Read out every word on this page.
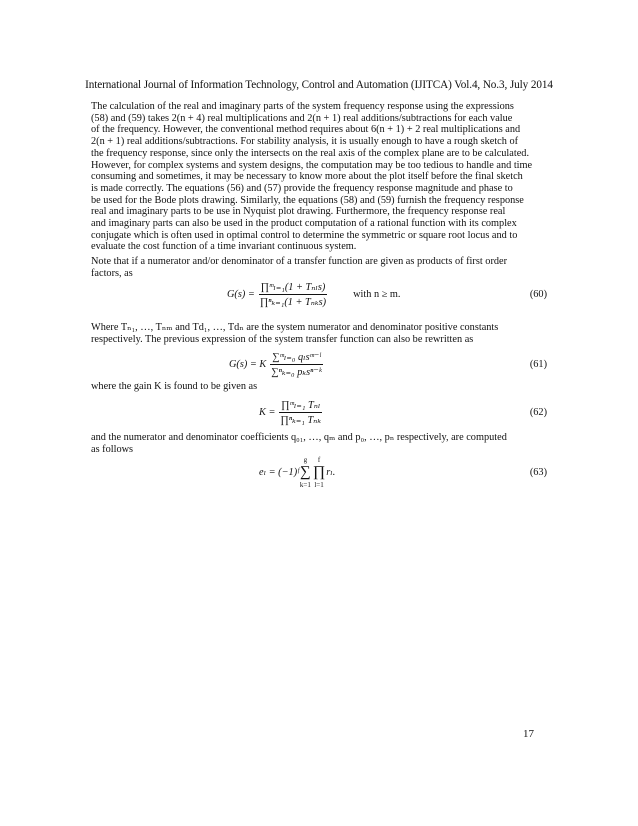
International Journal of Information Technology, Control and Automation (IJITCA) Vol.4, No.3, July 2014
The calculation of the real and imaginary parts of the system frequency response using the expressions
(58) and (59) takes 2(n + 4) real multiplications and 2(n + 1) real additions/subtractions for each value
of the frequency. However, the conventional method requires about 6(n + 1) + 2 real multiplications and
2(n + 1) real additions/subtractions. For stability analysis, it is usually enough to have a rough sketch of
the frequency response, since only the intersects on the real axis of the complex plane are to be calculated.
However, for complex systems and system designs, the computation may be too tedious to handle and time
consuming and sometimes, it may be necessary to know more about the plot itself before the final sketch
is made correctly. The equations (56) and (57) provide the frequency response magnitude and phase to
be used for the Bode plots drawing. Similarly, the equations (58) and (59) furnish the frequency response
real and imaginary parts to be use in Nyquist plot drawing. Furthermore, the frequency response real
and imaginary parts can also be used in the product computation of a rational function with its complex
conjugate which is often used in optimal control to determine the symmetric or square root locus and to
evaluate the cost function of a time invariant continuous system.
Note that if a numerator and/or denominator of a transfer function are given as products of first order
factors, as
$G(s) = \frac{\text{∏ᵐₗ₌₁(1 + Tₙₗs)}}{\text{∏ⁿₖ₌₁(1 + Tₙₖs)}}$ with n ≥ m.	(60)
Where Tₙ₁, …, Tₙₘ and Td₁, …, Tdₙ are the system numerator and denominator positive constants
respectively. The previous expression of the system transfer function can also be rewritten as
G(s) = K $\frac{\text{∑ᵐₗ₌₀ qₗsᵐ⁻ˡ}}{\text{∑ⁿₖ₌₀ pₖsⁿ⁻ᵏ}}$	(61)
where the gain K is found to be given as
$K = \frac{\text{∏ᵐₗ₌₁ Tₙₗ}}{\text{∏ⁿₖ₌₁ Tₙₖ}}$	(62)
and the numerator and denominator coefficients q₀₁, …, qₘ and p₀, …, pₙ respectively, are computed
as follows
eₗ = (−1)ᶠ
g
∑
k=1
f
∏
l=1
rₗ.	(63)
17
